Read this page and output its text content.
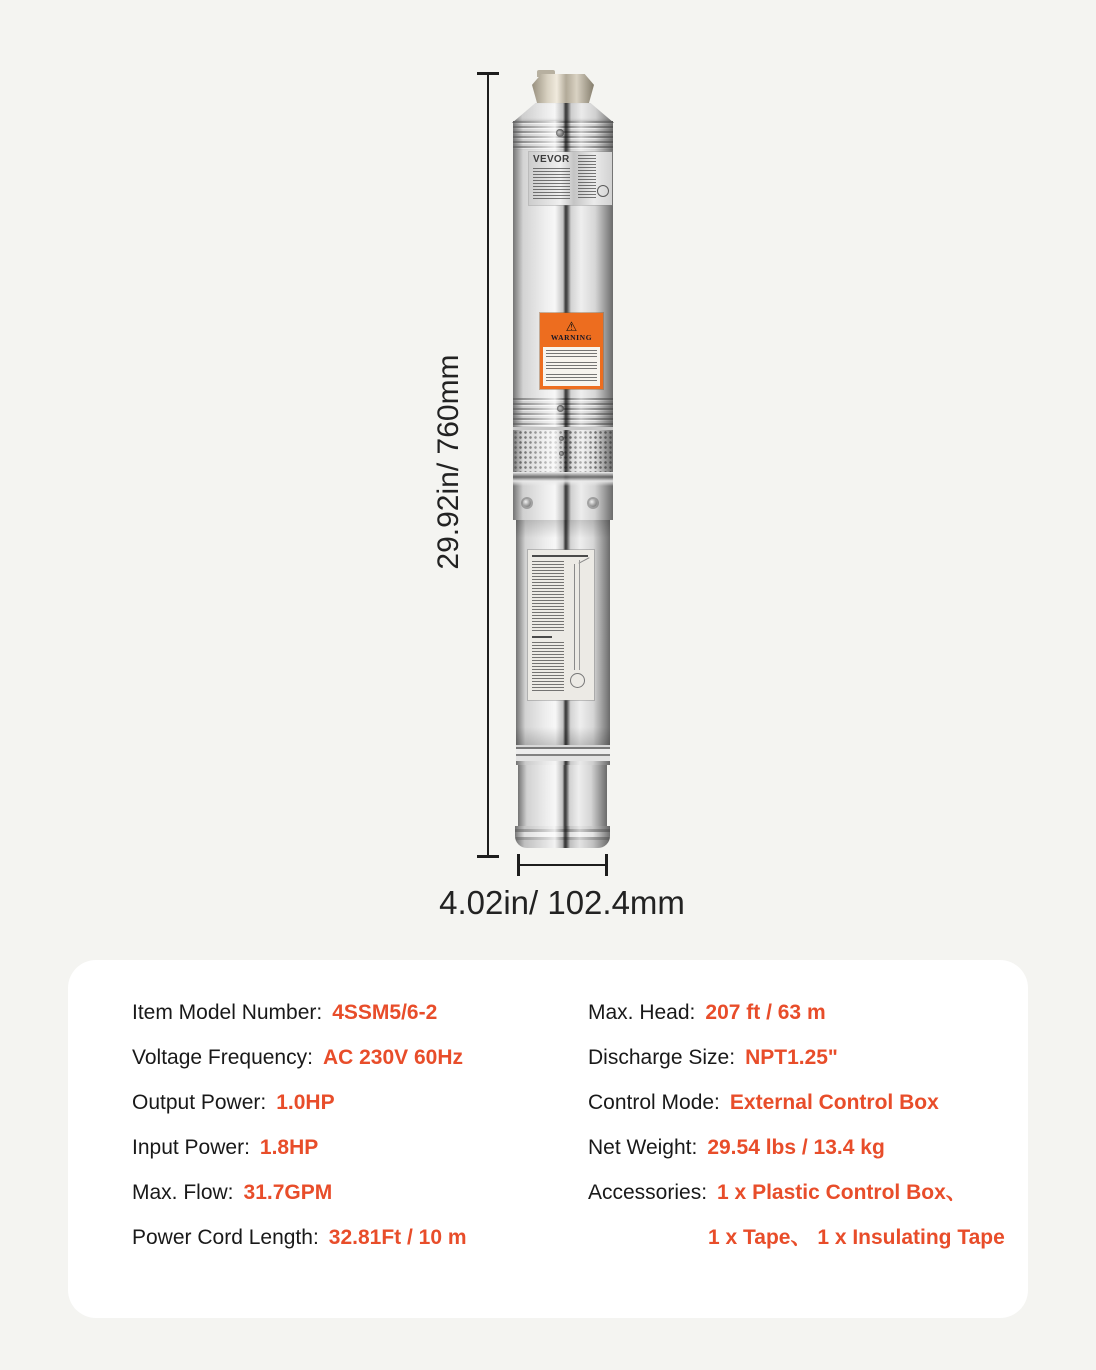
VEVOR
⚠
WARNING
29.92in/ 760mm
4.02in/ 102.4mm
Item Model Number: 4SSM5/6-2
Voltage Frequency: AC 230V 60Hz
Output Power: 1.0HP
Input Power: 1.8HP
Max. Flow: 31.7GPM
Power Cord Length: 32.81Ft / 10 m
Max. Head: 207 ft / 63 m
Discharge Size: NPT1.25"
Control Mode: External Control Box
Net Weight: 29.54 lbs / 13.4 kg
Accessories: 1 x Plastic Control Box、
1 x Tape、 1 x Insulating Tape
